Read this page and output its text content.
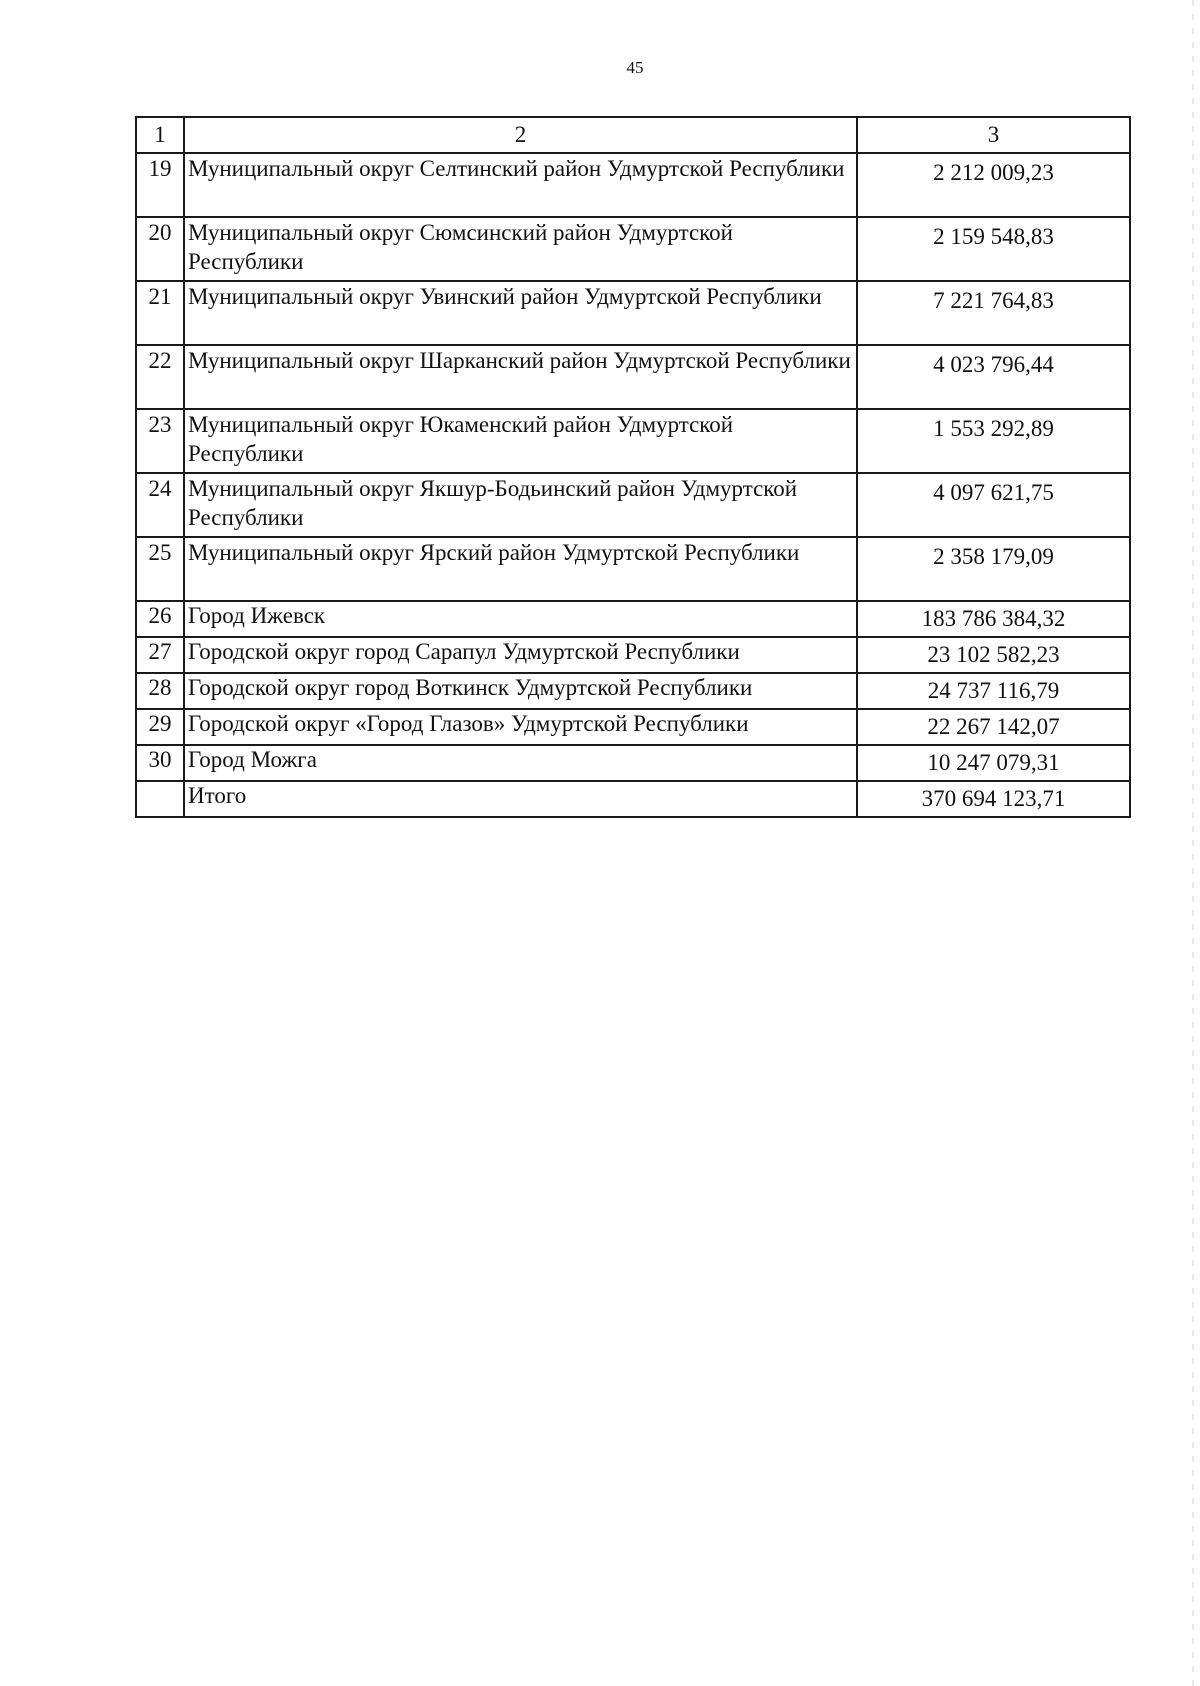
45
1	2	3
19	Муниципальный округ Селтинский район Удмуртской Республики	2 212 009,23
20	Муниципальный округ Сюмсинский район Удмуртской Республики	2 159 548,83
21	Муниципальный округ Увинский район Удмуртской Республики	7 221 764,83
22	Муниципальный округ Шарканский район Удмуртской Республики	4 023 796,44
23	Муниципальный округ Юкаменский район Удмуртской Республики	1 553 292,89
24	Муниципальный округ Якшур-Бодьинский район Удмуртской Республики	4 097 621,75
25	Муниципальный округ Ярский район Удмуртской Республики	2 358 179,09
26	Город Ижевск	183 786 384,32
27	Городской округ город Сарапул Удмуртской Республики	23 102 582,23
28	Городской округ город Воткинск Удмуртской Республики	24 737 116,79
29	Городской округ «Город Глазов» Удмуртской Республики	22 267 142,07
30	Город Можга	10 247 079,31
	Итого	370 694 123,71
